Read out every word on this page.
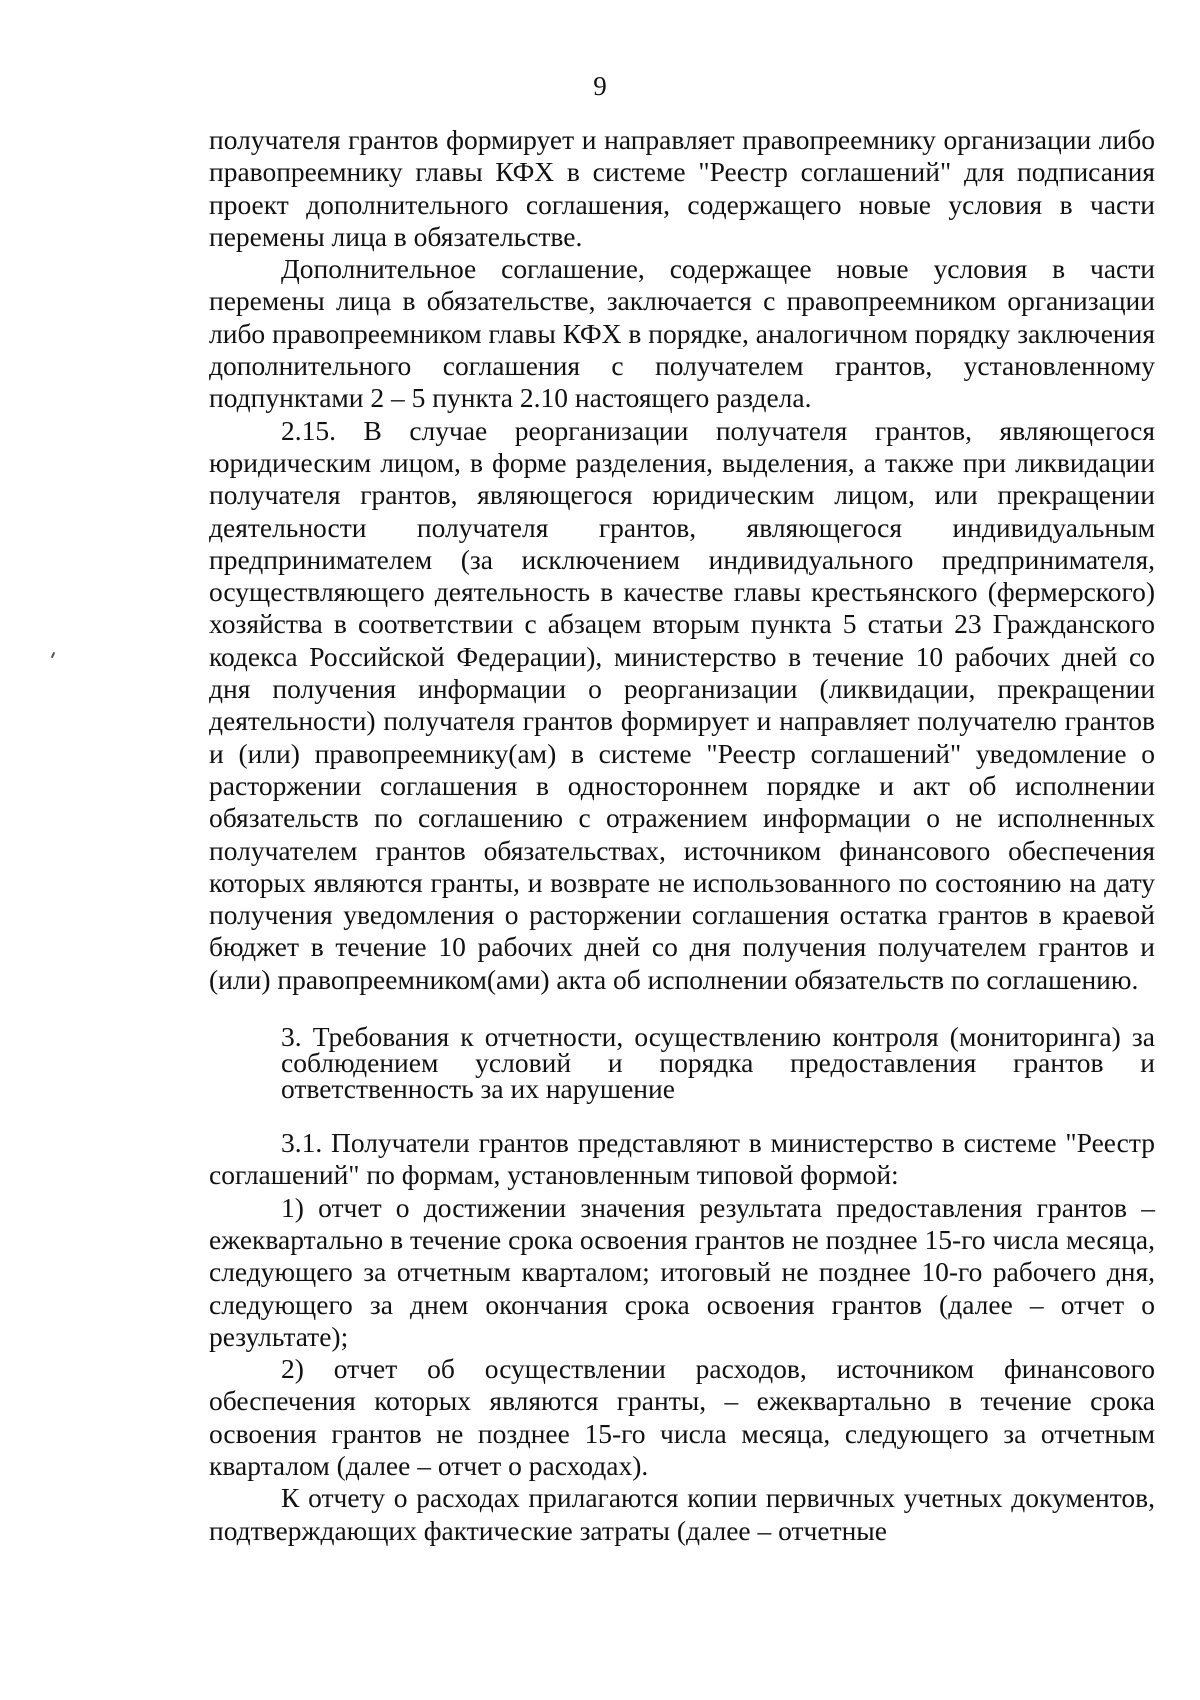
9

получателя грантов формирует и направляет правопреемнику организации либо правопреемнику главы КФХ в системе "Реестр соглашений" для подписания проект дополнительного соглашения, содержащего новые условия в части перемены лица в обязательстве.

Дополнительное соглашение, содержащее новые условия в части перемены лица в обязательстве, заключается с правопреемником организации либо правопреемником главы КФХ в порядке, аналогичном порядку заключения дополнительного соглашения с получателем грантов, установленному подпунктами 2 – 5 пункта 2.10 настоящего раздела.

2.15. В случае реорганизации получателя грантов, являющегося юридическим лицом, в форме разделения, выделения, а также при ликвидации получателя грантов, являющегося юридическим лицом, или прекращении деятельности получателя грантов, являющегося индивидуальным предпринимателем (за исключением индивидуального предпринимателя, осуществляющего деятельность в качестве главы крестьянского (фермерского) хозяйства в соответствии с абзацем вторым пункта 5 статьи 23 Гражданского кодекса Российской Федерации), министерство в течение 10 рабочих дней со дня получения информации о реорганизации (ликвидации, прекращении деятельности) получателя грантов формирует и направляет получателю грантов и (или) правопреемнику(ам) в системе "Реестр соглашений" уведомление о расторжении соглашения в одностороннем порядке и акт об исполнении обязательств по соглашению с отражением информации о не исполненных получателем грантов обязательствах, источником финансового обеспечения которых являются гранты, и возврате не использованного по состоянию на дату получения уведомления о расторжении соглашения остатка грантов в краевой бюджет в течение 10 рабочих дней со дня получения получателем грантов и (или) правопреемником(ами) акта об исполнении обязательств по соглашению.

3. Требования к отчетности, осуществлению контроля (мониторинга) за соблюдением условий и порядка предоставления грантов и ответственность за их нарушение

3.1. Получатели грантов представляют в министерство в системе "Реестр соглашений" по формам, установленным типовой формой:

1) отчет о достижении значения результата предоставления грантов – ежеквартально в течение срока освоения грантов не позднее 15-го числа месяца, следующего за отчетным кварталом; итоговый не позднее 10-го рабочего дня, следующего за днем окончания срока освоения грантов (далее – отчет о результате);

2) отчет об осуществлении расходов, источником финансового обеспечения которых являются гранты, – ежеквартально в течение срока освоения грантов не позднее 15-го числа месяца, следующего за отчетным кварталом (далее – отчет о расходах).

К отчету о расходах прилагаются копии первичных учетных документов, подтверждающих фактические затраты (далее – отчетные
